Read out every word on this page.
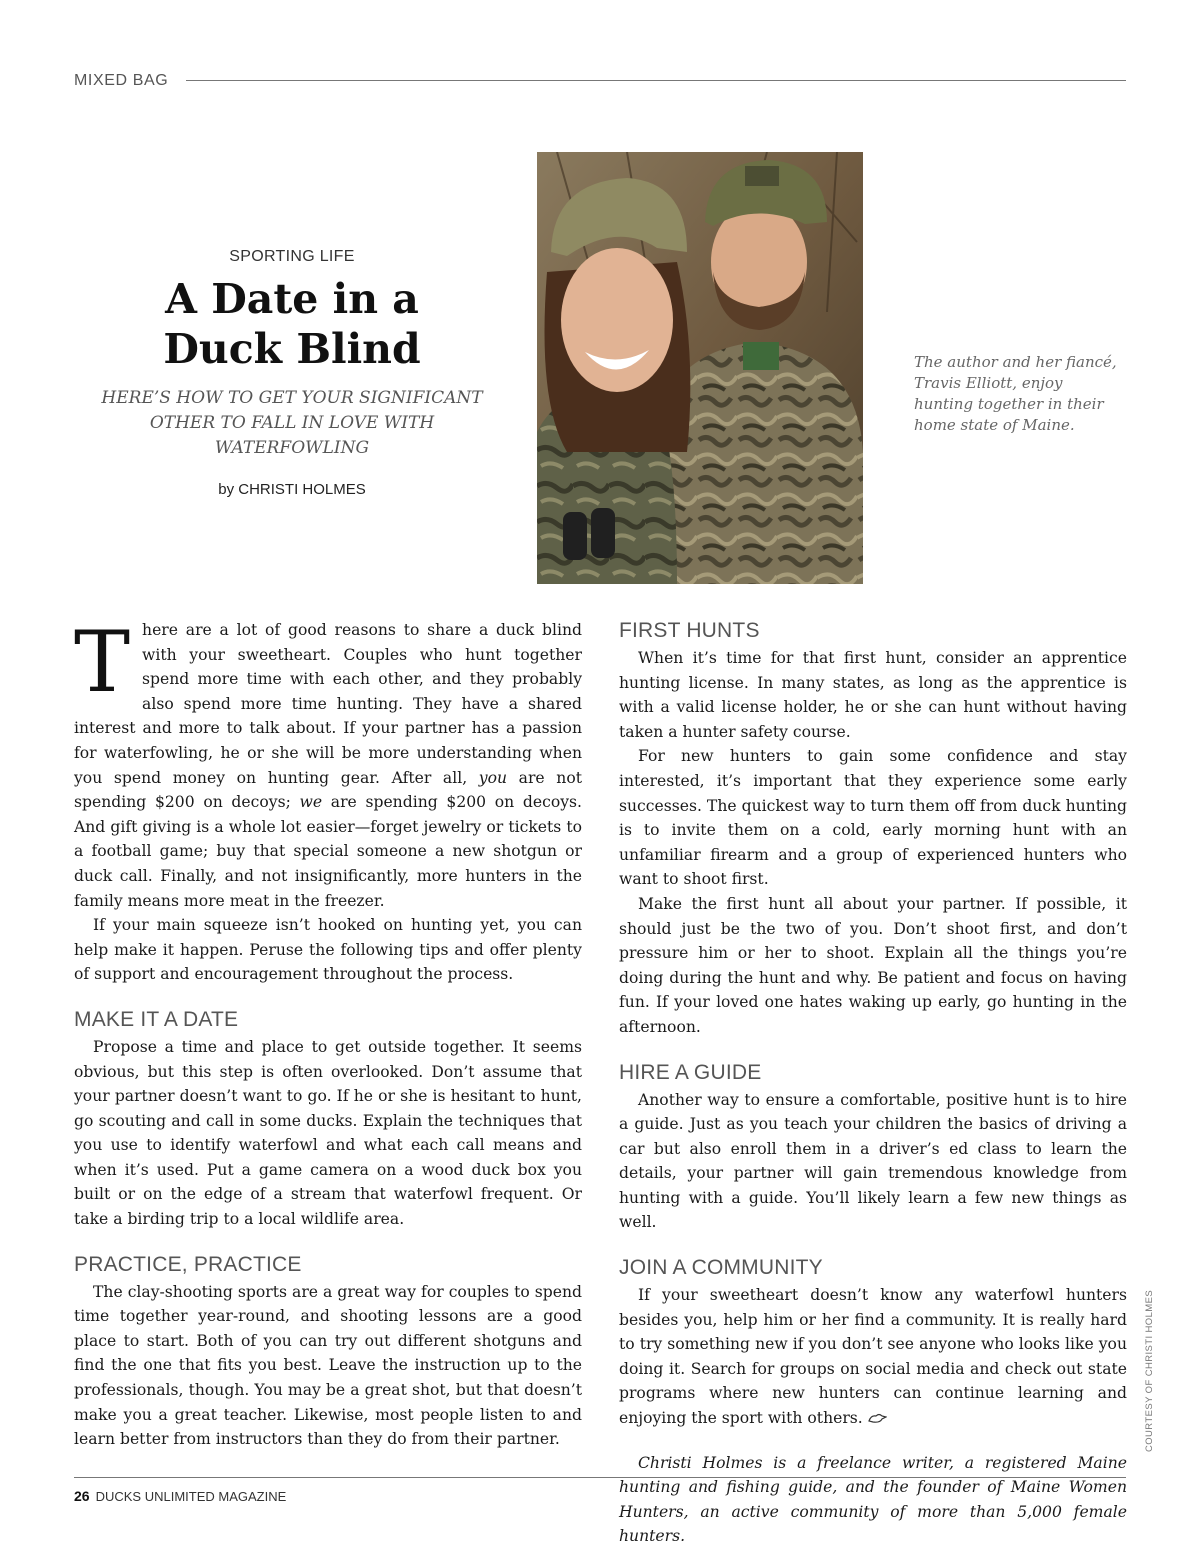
MIXED BAG
SPORTING LIFE
A Date in a
Duck Blind
HERE’S HOW TO GET YOUR SIGNIFICANT OTHER TO FALL IN LOVE WITH WATERFOWLING
by CHRISTI HOLMES
The author and her fiancé, Travis Elliott, enjoy hunting together in their home state of Maine.

There are a lot of good reasons to share a duck blind with your sweetheart. Couples who hunt together spend more time with each other, and they probably also spend more time hunting. They have a shared interest and more to talk about. If your partner has a passion for waterfowling, he or she will be more understanding when you spend money on hunting gear. After all, you are not spending $200 on decoys; we are spending $200 on decoys. And gift giving is a whole lot easier—forget jewelry or tickets to a football game; buy that special someone a new shotgun or duck call. Finally, and not insignificantly, more hunters in the family means more meat in the freezer.

If your main squeeze isn’t hooked on hunting yet, you can help make it happen. Peruse the following tips and offer plenty of support and encouragement throughout the process.

MAKE IT A DATE

Propose a time and place to get outside together. It seems obvious, but this step is often overlooked. Don’t assume that your partner doesn’t want to go. If he or she is hesitant to hunt, go scouting and call in some ducks. Explain the techniques that you use to identify waterfowl and what each call means and when it’s used. Put a game camera on a wood duck box you built or on the edge of a stream that waterfowl frequent. Or take a birding trip to a local wildlife area.

PRACTICE, PRACTICE

The clay-shooting sports are a great way for couples to spend time together year-round, and shooting lessons are a good place to start. Both of you can try out different shotguns and find the one that fits you best. Leave the instruction up to the professionals, though. You may be a great shot, but that doesn’t make you a great teacher. Likewise, most people listen to and learn better from instructors than they do from their partner.

FIRST HUNTS

When it’s time for that first hunt, consider an apprentice hunting license. In many states, as long as the apprentice is with a valid license holder, he or she can hunt without having taken a hunter safety course.

For new hunters to gain some confidence and stay interested, it’s important that they experience some early successes. The quickest way to turn them off from duck hunting is to invite them on a cold, early morning hunt with an unfamiliar firearm and a group of experienced hunters who want to shoot first.

Make the first hunt all about your partner. If possible, it should just be the two of you. Don’t shoot first, and don’t pressure him or her to shoot. Explain all the things you’re doing during the hunt and why. Be patient and focus on having fun. If your loved one hates waking up early, go hunting in the afternoon.

HIRE A GUIDE

Another way to ensure a comfortable, positive hunt is to hire a guide. Just as you teach your children the basics of driving a car but also enroll them in a driver’s ed class to learn the details, your partner will gain tremendous knowledge from hunting with a guide. You’ll likely learn a few new things as well.

JOIN A COMMUNITY

If your sweetheart doesn’t know any waterfowl hunters besides you, help him or her find a community. It is really hard to try something new if you don’t see anyone who looks like you doing it. Search for groups on social media and check out state programs where new hunters can continue learning and enjoying the sport with others.

Christi Holmes is a freelance writer, a registered Maine hunting and fishing guide, and the founder of Maine Women Hunters, an active community of more than 5,000 female hunters.

COURTESY OF CHRISTI HOLMES
26 DUCKS UNLIMITED MAGAZINE
